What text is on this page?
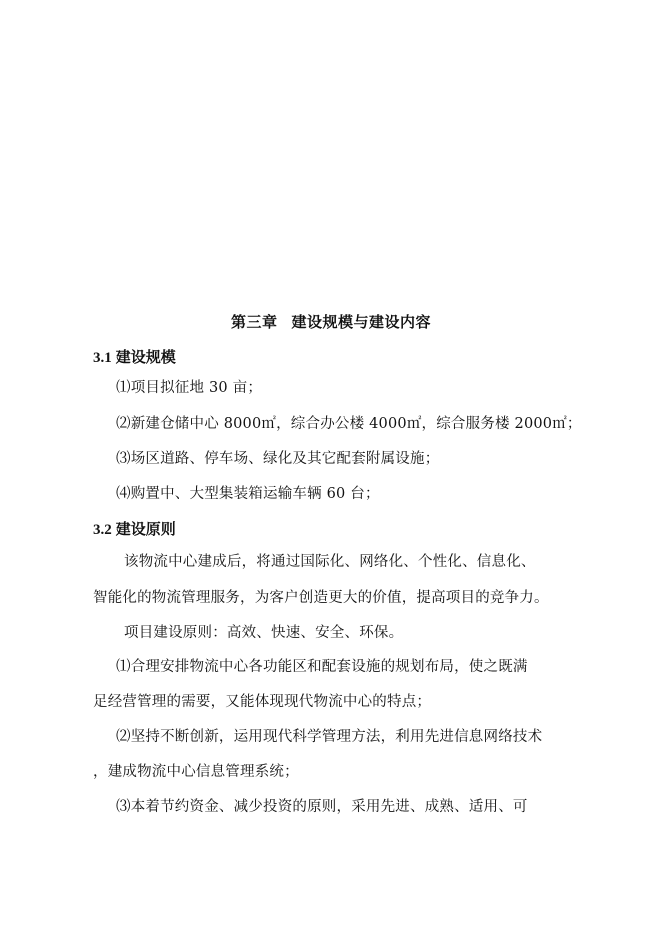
第三章 建设规模与建设内容
3.1 建设规模
⑴项目拟征地 30 亩；
⑵新建仓储中心 8000㎡，综合办公楼 4000㎡，综合服务楼 2000㎡；
⑶场区道路、停车场、绿化及其它配套附属设施；
⑷购置中、大型集装箱运输车辆 60 台；
3.2 建设原则
该物流中心建成后，将通过国际化、网络化、个性化、信息化、
智能化的物流管理服务，为客户创造更大的价值，提高项目的竞争力。
项目建设原则：高效、快速、安全、环保。
⑴合理安排物流中心各功能区和配套设施的规划布局，使之既满
足经营管理的需要，又能体现现代物流中心的特点；
⑵坚持不断创新，运用现代科学管理方法，利用先进信息网络技术
，建成物流中心信息管理系统；
⑶本着节约资金、减少投资的原则，采用先进、成熟、适用、可
